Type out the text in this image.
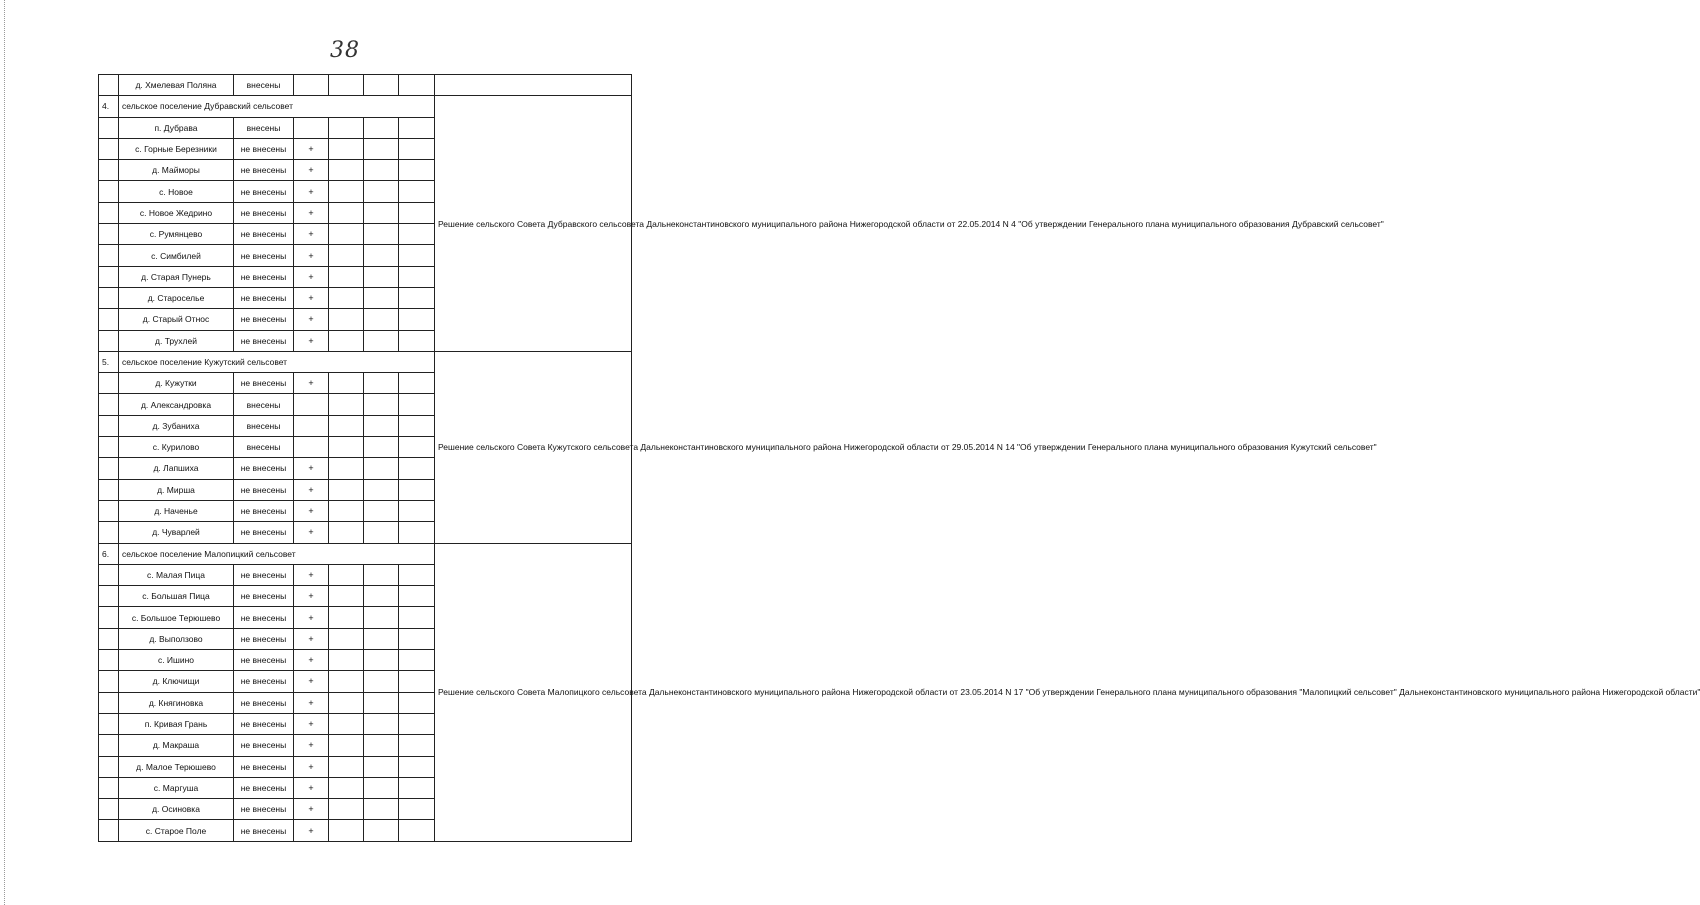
38
	д. Хмелевая Поляна	внесены					
4.	сельское поселение Дубравский сельсовет						Решение сельского Совета Дубравского сельсовета Дальнеконстантиновского муниципального района Нижегородской области от 22.05.2014 N 4 "Об утверждении Генерального плана муниципального образования Дубравский сельсовет"
	п. Дубрава	внесены					
	с. Горные Березники	не внесены	+				
	д. Майморы	не внесены	+				
	с. Новое	не внесены	+				
	с. Новое Жедрино	не внесены	+				
	с. Румянцево	не внесены	+				
	с. Симбилей	не внесены	+				
	д. Старая Пунерь	не внесены	+				
	д. Староселье	не внесены	+				
	д. Старый Относ	не внесены	+				
	д. Трухлей	не внесены	+				
5.	сельское поселение Кужутский сельсовет						Решение сельского Совета Кужутского сельсовета Дальнеконстантиновского муниципального района Нижегородской области от 29.05.2014 N 14 "Об утверждении Генерального плана муниципального образования Кужутский сельсовет"
	д. Кужутки	не внесены	+				
	д. Александровка	внесены					
	д. Зубаниха	внесены					
	с. Курилово	внесены					
	д. Лапшиха	не внесены	+				
	д. Мирша	не внесены	+				
	д. Наченье	не внесены	+				
	д. Чуварлей	не внесены	+				
6.	сельское поселение Малопицкий сельсовет						Решение сельского Совета Малопицкого сельсовета Дальнеконстантиновского муниципального района Нижегородской области от 23.05.2014 N 17 "Об утверждении Генерального плана муниципального образования "Малопицкий сельсовет" Дальнеконстантиновского муниципального района Нижегородской области"
	с. Малая Пица	не внесены	+				
	с. Большая Пица	не внесены	+				
	с. Большое Терюшево	не внесены	+				
	д. Выползово	не внесены	+				
	с. Ишино	не внесены	+				
	д. Ключищи	не внесены	+				
	д. Княгиновка	не внесены	+				
	п. Кривая Грань	не внесены	+				
	д. Макраша	не внесены	+				
	д. Малое Терюшево	не внесены	+				
	с. Маргуша	не внесены	+				
	д. Осиновка	не внесены	+				
	с. Старое Поле	не внесены	+				
